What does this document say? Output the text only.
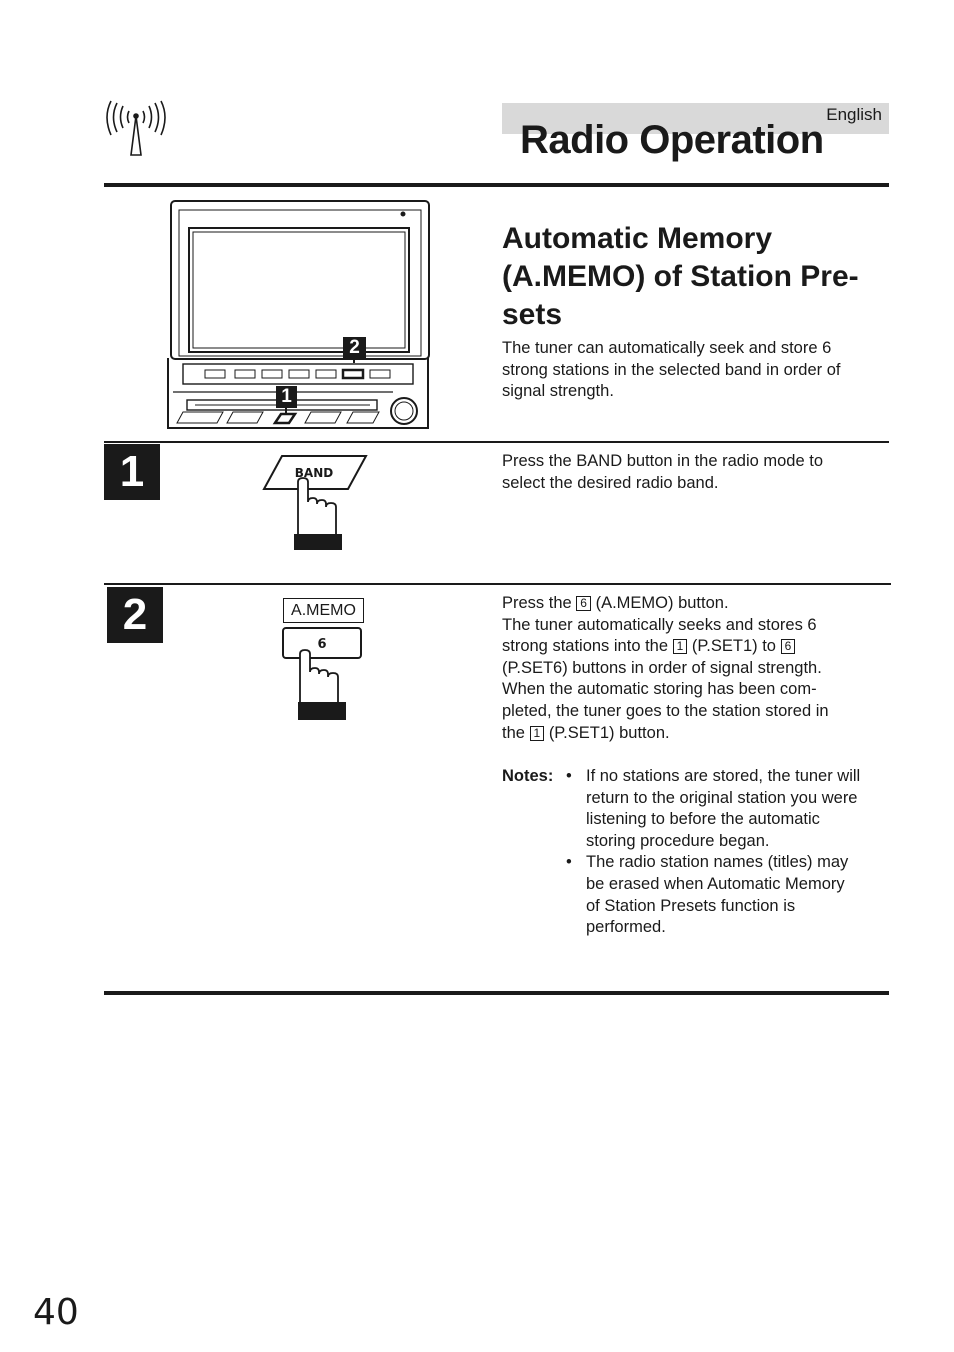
English
Radio Operation
2
1
Automatic Memory
(A.MEMO) of Station Pre-
sets
The tuner can automatically seek and store 6
strong stations in the selected band in order of
signal strength.
1	BAND
Press the BAND button in the radio mode to
select the desired radio band.
2	A.MEMO
6
Press the 6 (A.MEMO) button.
The tuner automatically seeks and stores 6
strong stations into the 1 (P.SET1) to 6
(P.SET6) buttons in order of signal strength.
When the automatic storing has been com-
pleted, the tuner goes to the station stored in
the 1 (P.SET1) button.
Notes: • If no stations are stored, the tuner will
return to the original station you were
listening to before the automatic
storing procedure began.
• The radio station names (titles) may
be erased when Automatic Memory
of Station Presets function is
performed.
40
